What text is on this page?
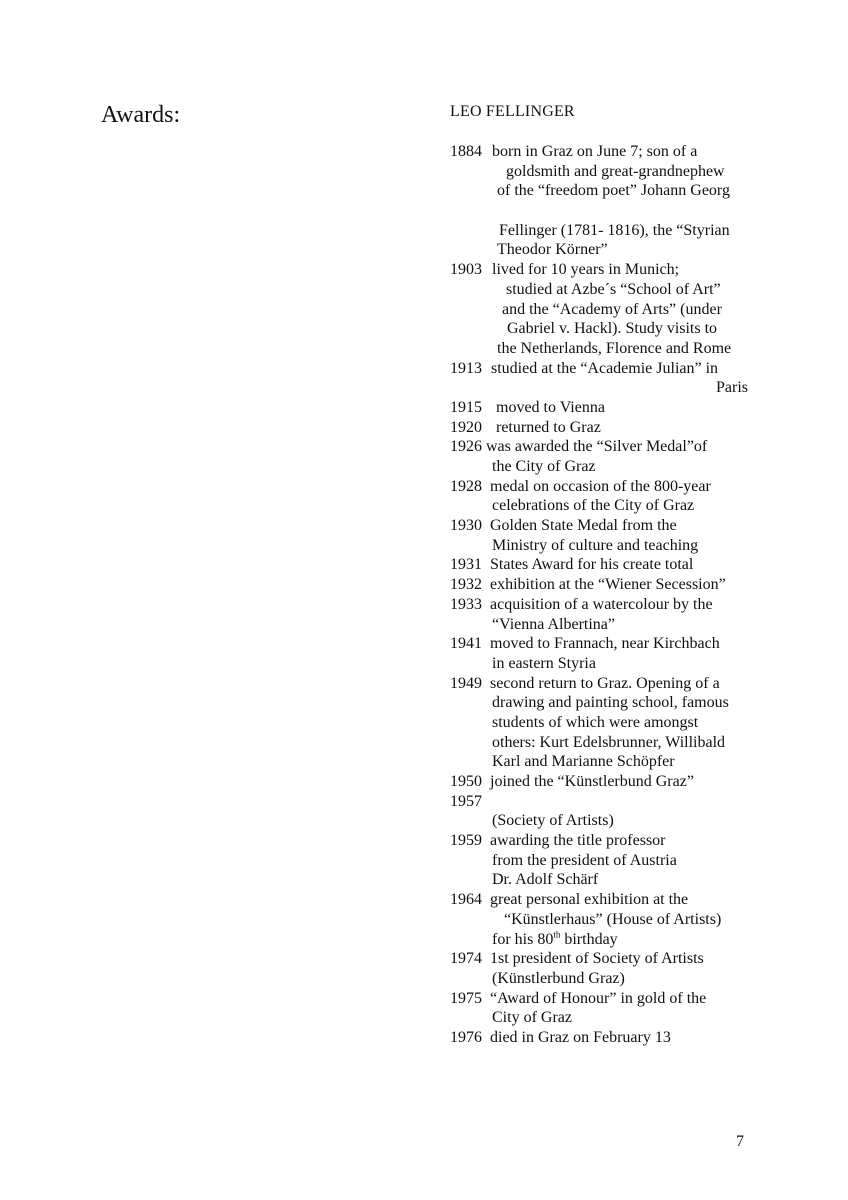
Awards:	LEO FELLINGER
1884 born in Graz on June 7; son of a
goldsmith and great-grandnephew
of the “freedom poet” Johann Georg
Fellinger (1781- 1816), the “Styrian
Theodor Körner”
1903 lived for 10 years in Munich;
studied at Azbe´s “School of Art”
and the “Academy of Arts” (under
Gabriel v. Hackl). Study visits to
the Netherlands, Florence and Rome
1913 studied at the “Academie Julian” in
Paris
1915 moved to Vienna
1920 returned to Graz
1926 was awarded the “Silver Medal”of
the City of Graz
1928 medal on occasion of the 800-year
celebrations of the City of Graz
1930 Golden State Medal from the
Ministry of culture and teaching
1931 States Award for his create total
1932 exhibition at the “Wiener Secession”
1933 acquisition of a watercolour by the
“Vienna Albertina”
1941 moved to Frannach, near Kirchbach
in eastern Styria
1949 second return to Graz. Opening of a
drawing and painting school, famous
students of which were amongst
others: Kurt Edelsbrunner, Willibald
Karl and Marianne Schöpfer
1950 joined the “Künstlerbund Graz”
1957
(Society of Artists)
1959 awarding the title professor
from the president of Austria
Dr. Adolf Schärf
1964 great personal exhibition at the
“Künstlerhaus” (House of Artists)
for his 80th birthday
1974 1st president of Society of Artists
(Künstlerbund Graz)
1975 “Award of Honour” in gold of the
City of Graz
1976 died in Graz on February 13
7
